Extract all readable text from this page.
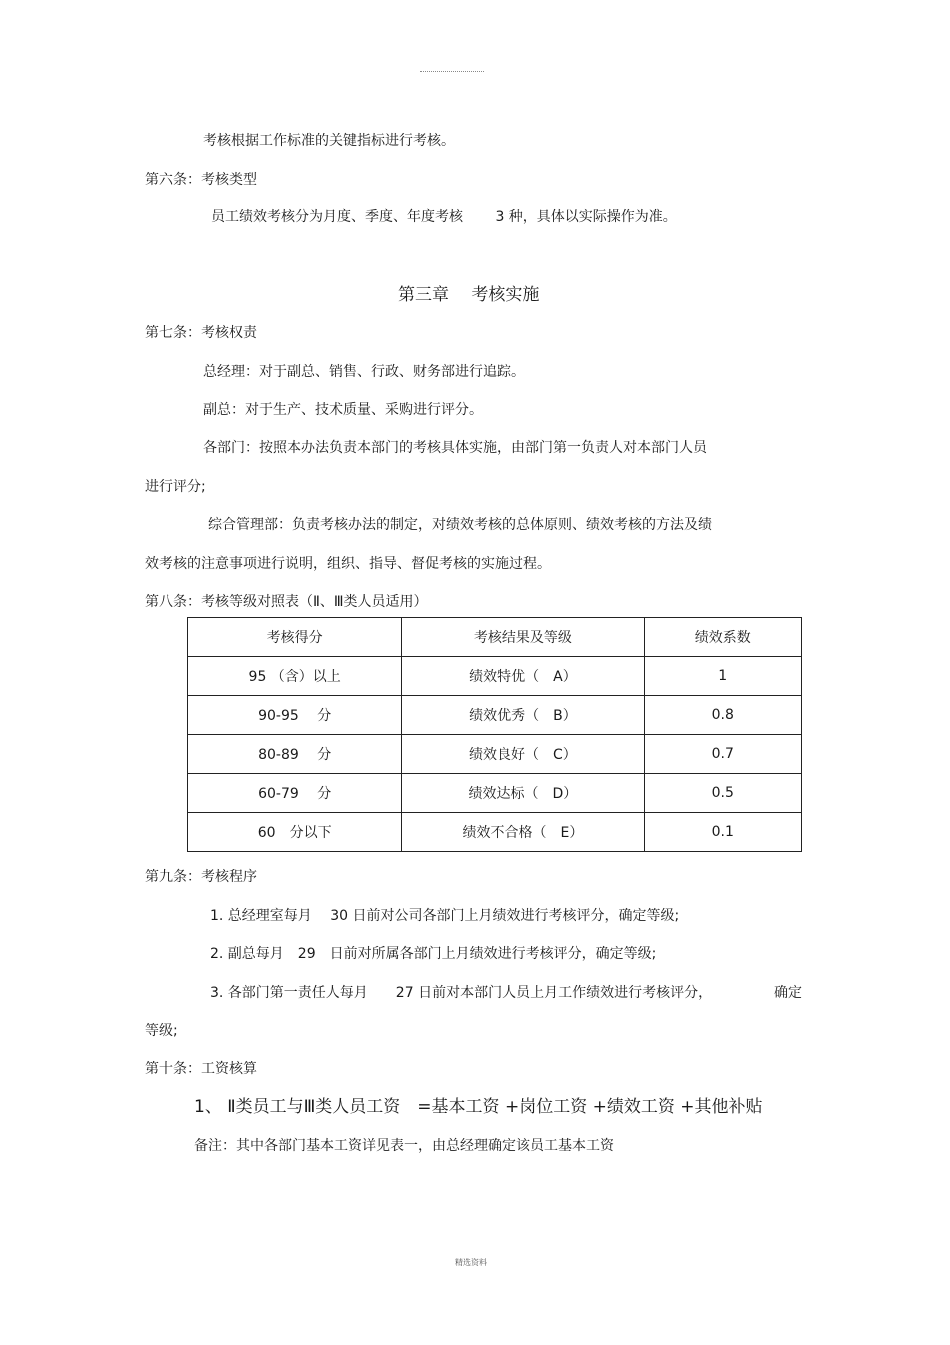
考核根据工作标准的关键指标进行考核。
第六条：考核类型
员工绩效考核分为月度、季度、年度考核　　 3 种，具体以实际操作为准。
第三章　 考核实施
第七条：考核权责
总经理：对于副总、销售、行政、财务部进行追踪。
副总：对于生产、技术质量、采购进行评分。
各部门：按照本办法负责本部门的考核具体实施，由部门第一负责人对本部门人员
进行评分;
综合管理部：负责考核办法的制定，对绩效考核的总体原则、绩效考核的方法及绩
效考核的注意事项进行说明，组织、指导、督促考核的实施过程。
第八条：考核等级对照表（Ⅱ、Ⅲ类人员适用）
考核得分	考核结果及等级	绩效系数
95 （含）以上	绩效特优（　A）	1
90-95　 分	绩效优秀（　B）	0.8
80-89　 分	绩效良好（　C）	0.7
60-79　 分	绩效达标（　D）	0.5
60　分以下	绩效不合格（　E）	0.1
第九条：考核程序
1. 总经理室每月　 30 日前对公司各部门上月绩效进行考核评分，确定等级;
2. 副总每月　29　日前对所属各部门上月绩效进行考核评分，确定等级;
3. 各部门第一责任人每月　　27 日前对本部门人员上月工作绩效进行考核评分，	确定
等级;
第十条：工资核算
1、 Ⅱ类员工与Ⅲ类人员工资　=基本工资 +岗位工资 +绩效工资 +其他补贴
备注：其中各部门基本工资详见表一，由总经理确定该员工基本工资
精选资料
